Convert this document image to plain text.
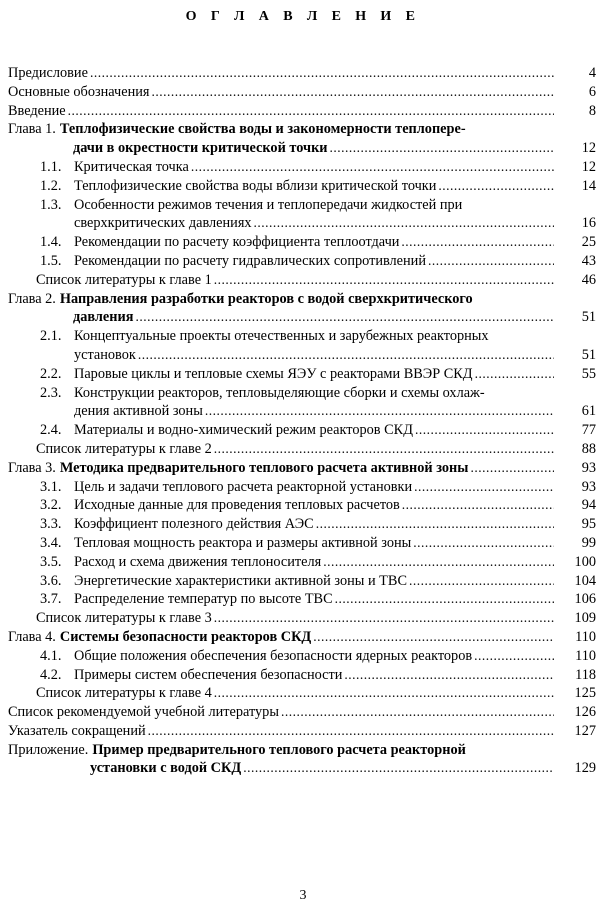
О Г Л А В Л Е Н И Е
Предисловие .....	4
Основные обозначения .....	6
Введение .....	8
Глава 1. Теплофизические свойства воды и закономерности теплопере-
дачи в окрестности критической точки .....	12
1.1. Критическая точка .....	12
1.2. Теплофизические свойства воды вблизи критической точки .....	14
1.3. Особенности режимов течения и теплопередачи жидкостей при
сверхкритических давлениях .....	16
1.4. Рекомендации по расчету коэффициента теплоотдачи .....	25
1.5. Рекомендации по расчету гидравлических сопротивлений .....	43
Список литературы к главе 1 .....	46
Глава 2. Направления разработки реакторов с водой сверхкритического
давления .....	51
2.1. Концептуальные проекты отечественных и зарубежных реакторных
установок .....	51
2.2. Паровые циклы и тепловые схемы ЯЭУ с реакторами ВВЭР СКД .....	55
2.3. Конструкции реакторов, тепловыделяющие сборки и схемы охлаж-
дения активной зоны .....	61
2.4. Материалы и водно-химический режим реакторов СКД .....	77
Список литературы к главе 2 .....	88
Глава 3. Методика предварительного теплового расчета активной зоны .....	93
3.1. Цель и задачи теплового расчета реакторной установки .....	93
3.2. Исходные данные для проведения тепловых расчетов .....	94
3.3. Коэффициент полезного действия АЭС .....	95
3.4. Тепловая мощность реактора и размеры активной зоны .....	99
3.5. Расход и схема движения теплоносителя .....	100
3.6. Энергетические характеристики активной зоны и ТВС .....	104
3.7. Распределение температур по высоте ТВС .....	106
Список литературы к главе 3 .....	109
Глава 4. Системы безопасности реакторов СКД .....	110
4.1. Общие положения обеспечения безопасности ядерных реакторов .....	110
4.2. Примеры систем обеспечения безопасности .....	118
Список литературы к главе 4 .....	125
Список рекомендуемой учебной литературы .....	126
Указатель сокращений .....	127
Приложение. Пример предварительного теплового расчета реакторной
установки с водой СКД .....	129
3
